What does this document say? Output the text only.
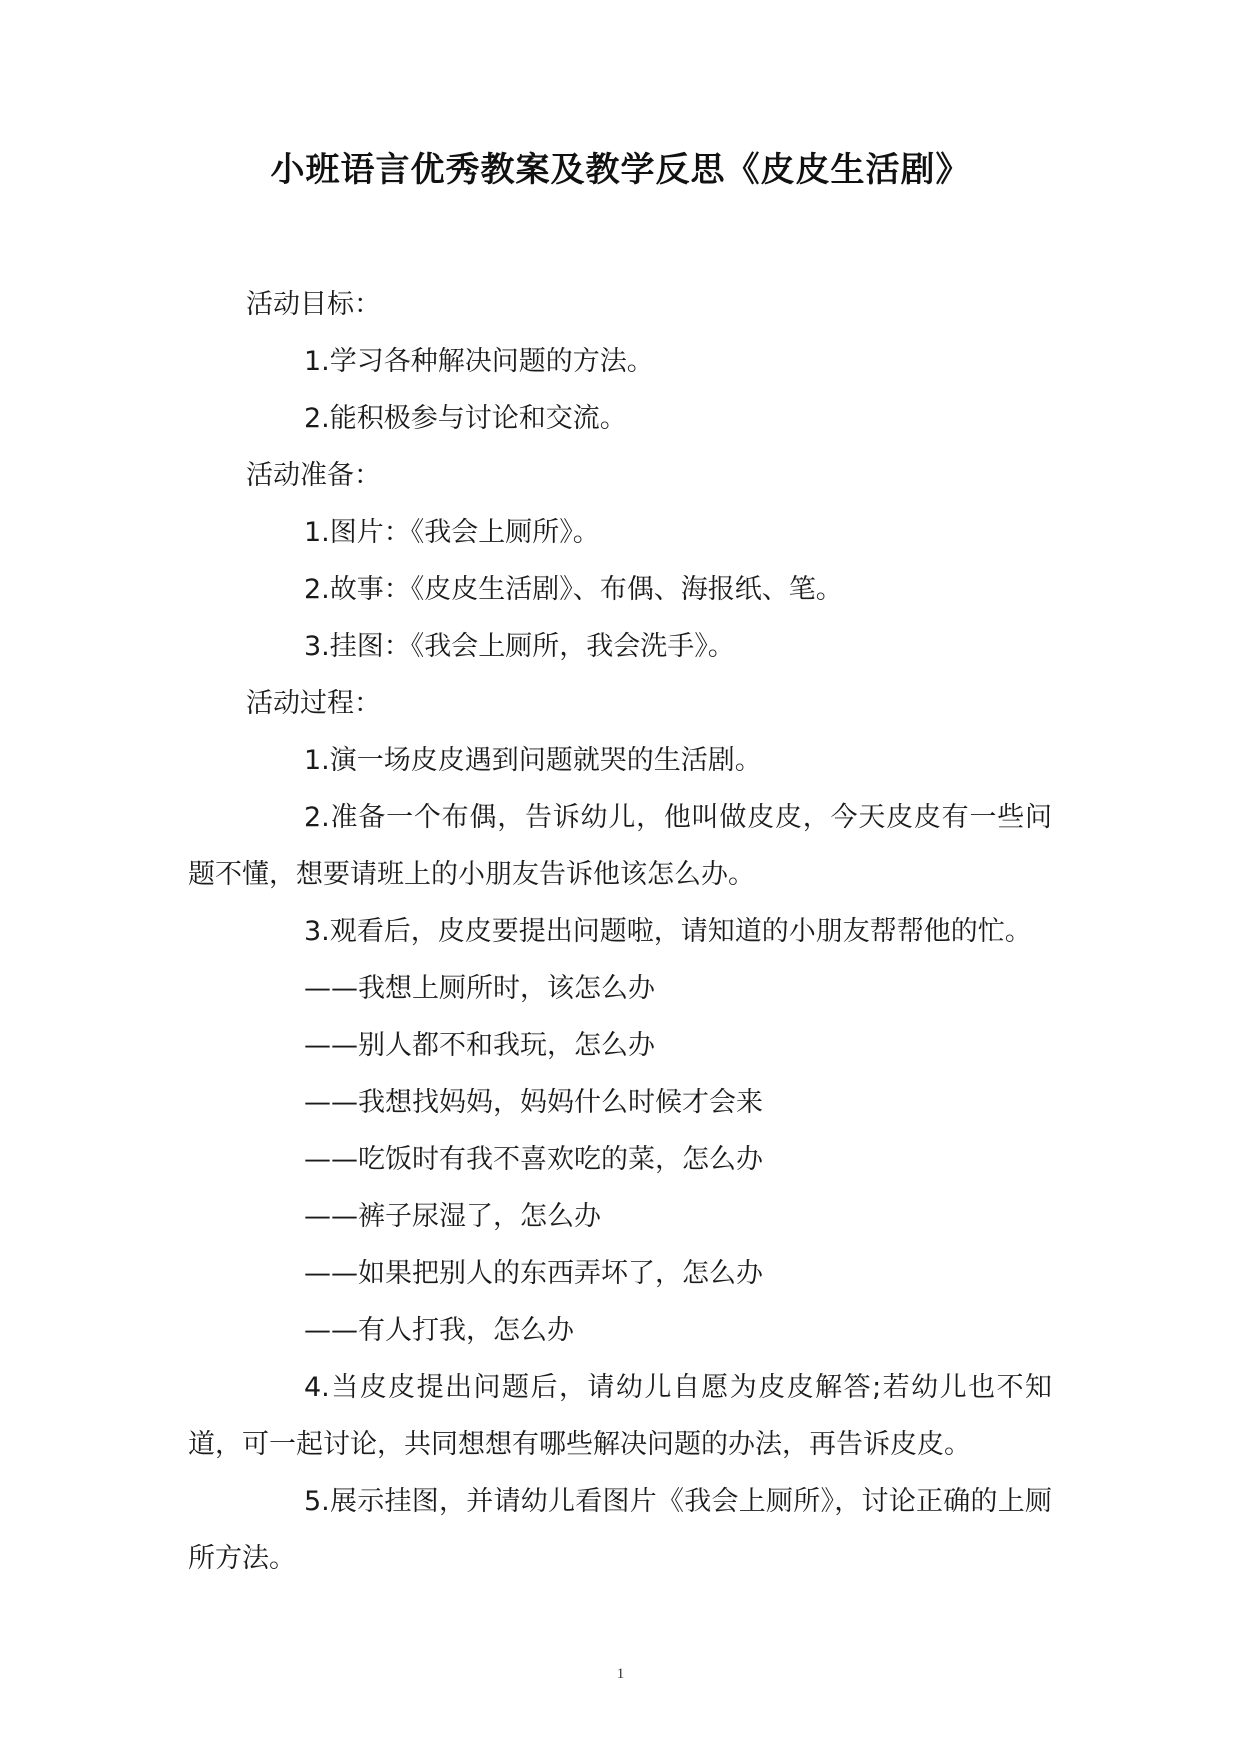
小班语言优秀教案及教学反思《皮皮生活剧》

活动目标：

1.学习各种解决问题的方法。

2.能积极参与讨论和交流。

活动准备：

1.图片：《我会上厕所》。

2.故事：《皮皮生活剧》、布偶、海报纸、笔。

3.挂图：《我会上厕所，我会洗手》。

活动过程：

1.演一场皮皮遇到问题就哭的生活剧。

2.准备一个布偶，告诉幼儿，他叫做皮皮，今天皮皮有一些问题不懂，想要请班上的小朋友告诉他该怎么办。

3.观看后，皮皮要提出问题啦，请知道的小朋友帮帮他的忙。

——我想上厕所时，该怎么办

——别人都不和我玩，怎么办

——我想找妈妈，妈妈什么时候才会来

——吃饭时有我不喜欢吃的菜，怎么办

——裤子尿湿了，怎么办

——如果把别人的东西弄坏了，怎么办

——有人打我，怎么办

4.当皮皮提出问题后，请幼儿自愿为皮皮解答;若幼儿也不知道，可一起讨论，共同想想有哪些解决问题的办法，再告诉皮皮。

5.展示挂图，并请幼儿看图片《我会上厕所》，讨论正确的上厕所方法。

1
